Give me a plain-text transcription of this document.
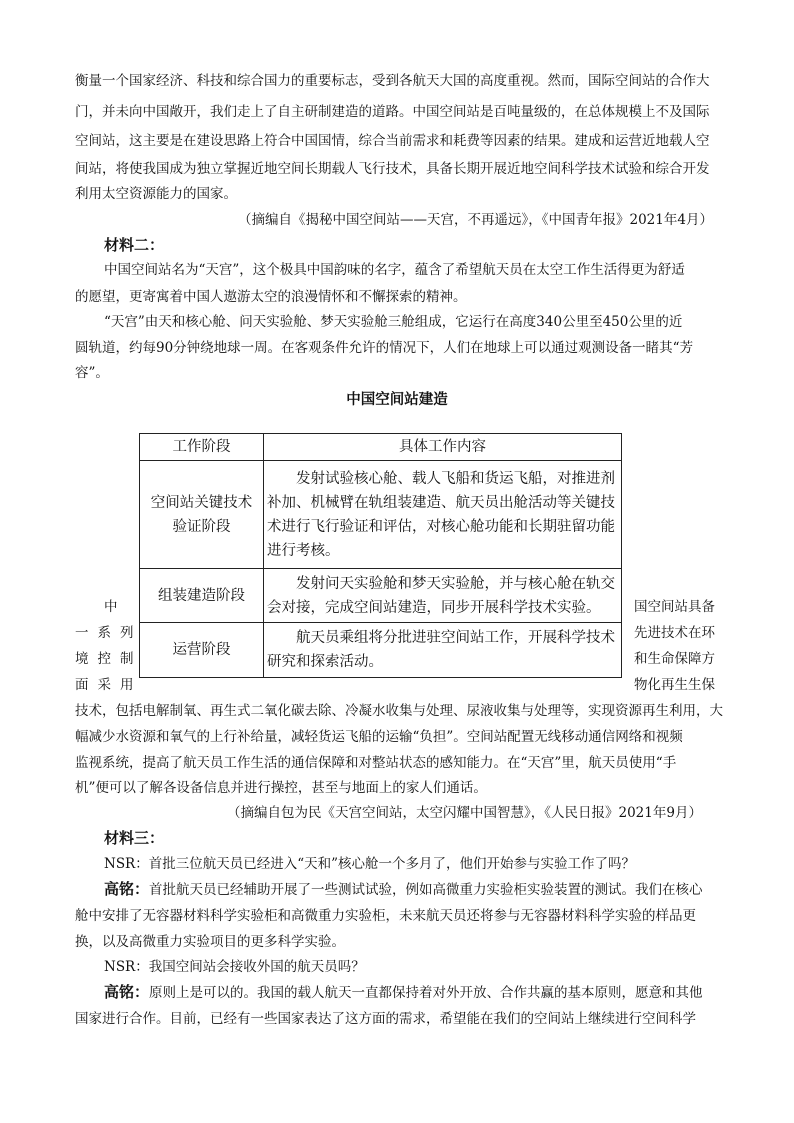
衡量一个国家经济、科技和综合国力的重要标志，受到各航天大国的高度重视。然而，国际空间站的合作大
门，并未向中国敞开，我们走上了自主研制建造的道路。中国空间站是百吨量级的，在总体规模上不及国际
空间站，这主要是在建设思路上符合中国国情，综合当前需求和耗费等因素的结果。建成和运营近地载人空
间站，将使我国成为独立掌握近地空间长期载人飞行技术，具备长期开展近地空间科学技术试验和综合开发
利用太空资源能力的国家。
（摘编自《揭秘中国空间站——天宫，不再遥远》，《中国青年报》2021年4月）
材料二：
中国空间站名为“天宫”，这个极具中国韵味的名字，蕴含了希望航天员在太空工作生活得更为舒适
的愿望，更寄寓着中国人遨游太空的浪漫情怀和不懈探索的精神。
“天宫”由天和核心舱、问天实验舱、梦天实验舱三舱组成，它运行在高度340公里至450公里的近
圆轨道，约每90分钟绕地球一周。在客观条件允许的情况下，人们在地球上可以通过观测设备一睹其“芳
容”。
中国空间站建造
工作阶段	具体工作内容
空间站关键技术
验证阶段	发射试验核心舱、载人飞船和货运飞船，对推进剂补加、机械臂在轨组装建造、航天员出舱活动等关键技术进行飞行验证和评估，对核心舱功能和长期驻留功能进行考核。
组装建造阶段	发射问天实验舱和梦天实验舱，并与核心舱在轨交会对接，完成空间站建造，同步开展科学技术实验。
运营阶段	航天员乘组将分批进驻空间站工作，开展科学技术研究和探索活动。
中
一系列
境控制
面采用
国空间站具备
先进技术在环
和生命保障方
物化再生生保
技术，包括电解制氧、再生式二氧化碳去除、冷凝水收集与处理、尿液收集与处理等，实现资源再生利用，大
幅减少水资源和氧气的上行补给量，减轻货运飞船的运输“负担”。空间站配置无线移动通信网络和视频
监视系统，提高了航天员工作生活的通信保障和对整站状态的感知能力。在“天宫”里，航天员使用“手
机”便可以了解各设备信息并进行操控，甚至与地面上的家人们通话。
（摘编自包为民《天宫空间站，太空闪耀中国智慧》，《人民日报》2021年9月）
材料三：
NSR：首批三位航天员已经进入“天和”核心舱一个多月了，他们开始参与实验工作了吗？
高铭：首批航天员已经辅助开展了一些测试试验，例如高微重力实验柜实验装置的测试。我们在核心
舱中安排了无容器材料科学实验柜和高微重力实验柜，未来航天员还将参与无容器材料科学实验的样品更
换，以及高微重力实验项目的更多科学实验。
NSR：我国空间站会接收外国的航天员吗？
高铭：原则上是可以的。我国的载人航天一直都保持着对外开放、合作共赢的基本原则，愿意和其他
国家进行合作。目前，已经有一些国家表达了这方面的需求，希望能在我们的空间站上继续进行空间科学
